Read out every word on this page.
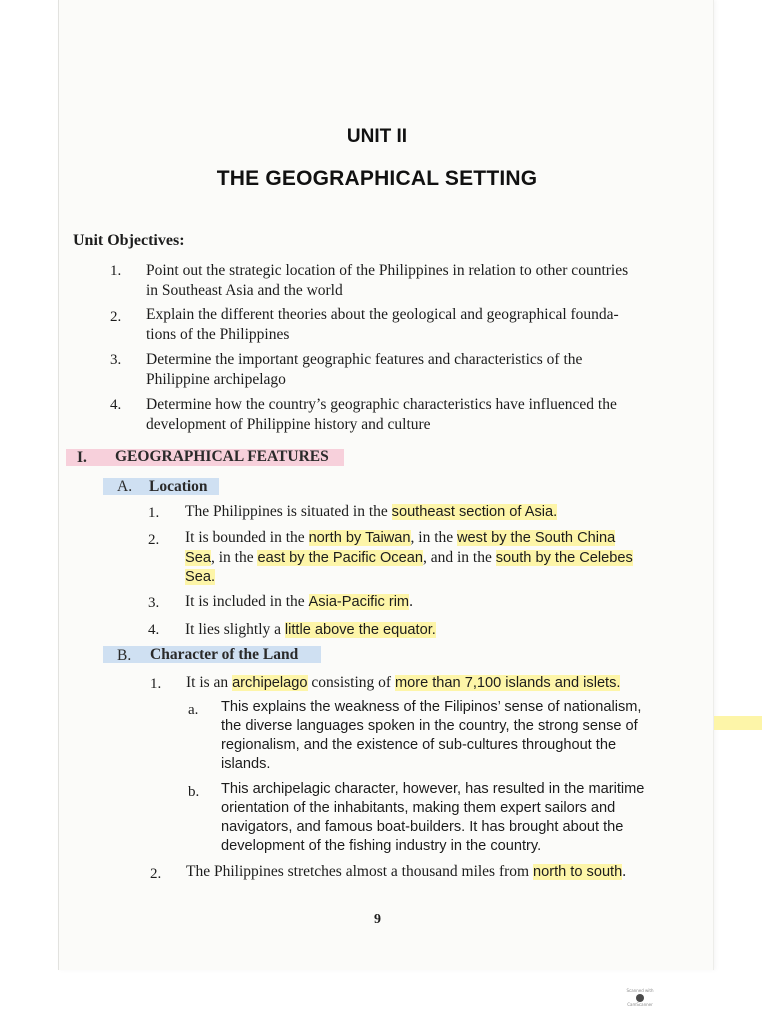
UNIT II
THE GEOGRAPHICAL SETTING
Unit Objectives:
1. Point out the strategic location of the Philippines in relation to other countries
in Southeast Asia and the world
2. Explain the different theories about the geological and geographical founda-
tions of the Philippines
3. Determine the important geographic features and characteristics of the
Philippine archipelago
4. Determine how the country’s geographic characteristics have influenced the
development of Philippine history and culture
I. GEOGRAPHICAL FEATURES
A. Location
1. The Philippines is situated in the southeast section of Asia.
2. It is bounded in the north by Taiwan, in the west by the South China
Sea, in the east by the Pacific Ocean, and in the south by the Celebes
Sea.
3. It is included in the Asia-Pacific rim.
4. It lies slightly a little above the equator.
B. Character of the Land
1. It is an archipelago consisting of more than 7,100 islands and islets.
a. This explains the weakness of the Filipinos’ sense of nationalism,
the diverse languages spoken in the country, the strong sense of
regionalism, and the existence of sub-cultures throughout the
islands.
b. This archipelagic character, however, has resulted in the maritime
orientation of the inhabitants, making them expert sailors and
navigators, and famous boat-builders. It has brought about the
development of the fishing industry in the country.
2. The Philippines stretches almost a thousand miles from north to south.
9
Scanned with
CamScanner
